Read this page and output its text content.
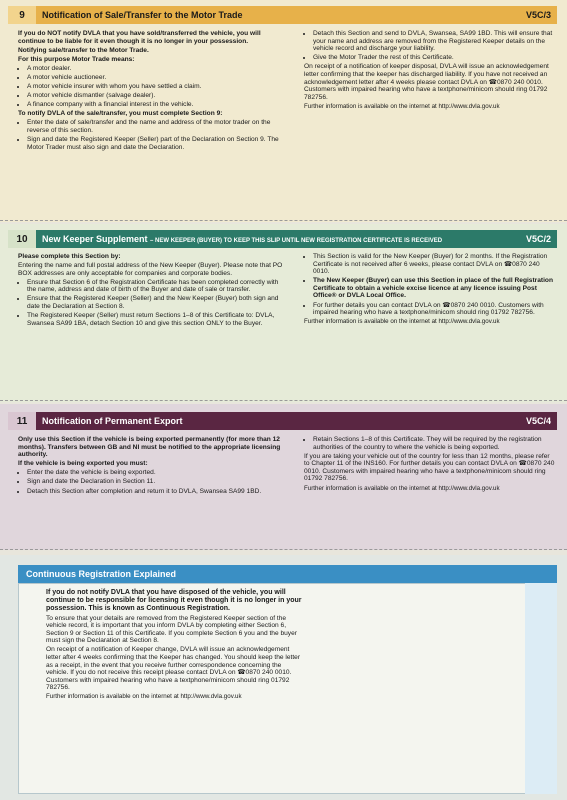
9	Notification of Sale/Transfer to the Motor Trade	V5C/3

If you do NOT notify DVLA that you have sold/transferred the vehicle, you will continue to be liable for it even though it is no longer in your possession.

Notifying sale/transfer to the Motor Trade.

For this purpose Motor Trade means:

• A motor dealer.
• A motor vehicle auctioneer.
• A motor vehicle insurer with whom you have settled a claim.
• A motor vehicle dismantler (salvage dealer).
• A finance company with a financial interest in the vehicle.

To notify DVLA of the sale/transfer, you must complete Section 9:

• Enter the date of sale/transfer and the name and address of the motor trader on the reverse of this section.
• Sign and date the Registered Keeper (Seller) part of the Declaration on Section 9. The Motor Trader must also sign and date the Declaration.
• Detach this Section and send to DVLA, Swansea, SA99 1BD. This will ensure that your name and address are removed from the Registered Keeper details on the vehicle record and discharge your liability.
• Give the Motor Trader the rest of this Certificate.

On receipt of a notification of keeper disposal, DVLA will issue an acknowledgement letter confirming that the keeper has discharged liability. If you have not received an acknowledgement letter after 4 weeks please contact DVLA on ☎0870 240 0010. Customers with impaired hearing who have a textphone/minicom should ring 01792 782756.

Further information is available on the internet at http://www.dvla.gov.uk

10	New Keeper Supplement – NEW KEEPER (BUYER) TO KEEP THIS SLIP UNTIL NEW REGISTRATION CERTIFICATE IS RECEIVED	V5C/2

Please complete this Section by:

Entering the name and full postal address of the New Keeper (Buyer). Please note that PO BOX addresses are only acceptable for companies and corporate bodies.

• Ensure that Section 6 of the Registration Certificate has been completed correctly with the name, address and date of birth of the Buyer and date of sale or transfer.
• Ensure that the Registered Keeper (Seller) and the New Keeper (Buyer) both sign and date the Declaration at Section 8.
• The Registered Keeper (Seller) must return Sections 1–8 of this Certificate to: DVLA, Swansea SA99 1BA, detach Section 10 and give this section ONLY to the Buyer.
• This Section is valid for the New Keeper (Buyer) for 2 months. If the Registration Certificate is not received after 6 weeks, please contact DVLA on ☎0870 240 0010.
• The New Keeper (Buyer) can use this Section in place of the full Registration Certificate to obtain a vehicle excise licence at any licence issuing Post Office® or DVLA Local Office.
• For further details you can contact DVLA on ☎0870 240 0010. Customers with impaired hearing who have a textphone/minicom should ring 01792 782756.

Further information is available on the internet at http://www.dvla.gov.uk

11	Notification of Permanent Export	V5C/4

Only use this Section if the vehicle is being exported permanently (for more than 12 months). Transfers between GB and NI must be notified to the appropriate licensing authority.

If the vehicle is being exported you must:

• Enter the date the vehicle is being exported.
• Sign and date the Declaration in Section 11.
• Detach this Section after completion and return it to DVLA, Swansea SA99 1BD.
• Retain Sections 1–8 of this Certificate. They will be required by the registration authorities of the country to where the vehicle is being exported.

If you are taking your vehicle out of the country for less than 12 months, please refer to Chapter 11 of the INS160. For further details you can contact DVLA on ☎0870 240 0010. Customers with impaired hearing who have a textphone/minicom should ring 01792 782756.

Further information is available on the internet at http://www.dvla.gov.uk

Continuous Registration Explained

If you do not notify DVLA that you have disposed of the vehicle, you will continue to be responsible for licensing it even though it is no longer in your possession. This is known as Continuous Registration.

To ensure that your details are removed from the Registered Keeper section of the vehicle record, it is important that you inform DVLA by completing either Section 6, Section 9 or Section 11 of this Certificate. If you complete Section 6 you and the buyer must sign the Declaration at Section 8.

On receipt of a notification of Keeper change, DVLA will issue an acknowledgement letter after 4 weeks confirming that the Keeper has changed. You should keep the letter as a receipt, in the event that you receive further correspondence concerning the vehicle. If you do not receive this receipt please contact DVLA on ☎0870 240 0010. Customers with impaired hearing who have a textphone/minicom should ring 01792 782756.

Further information is available on the internet at http://www.dvla.gov.uk
